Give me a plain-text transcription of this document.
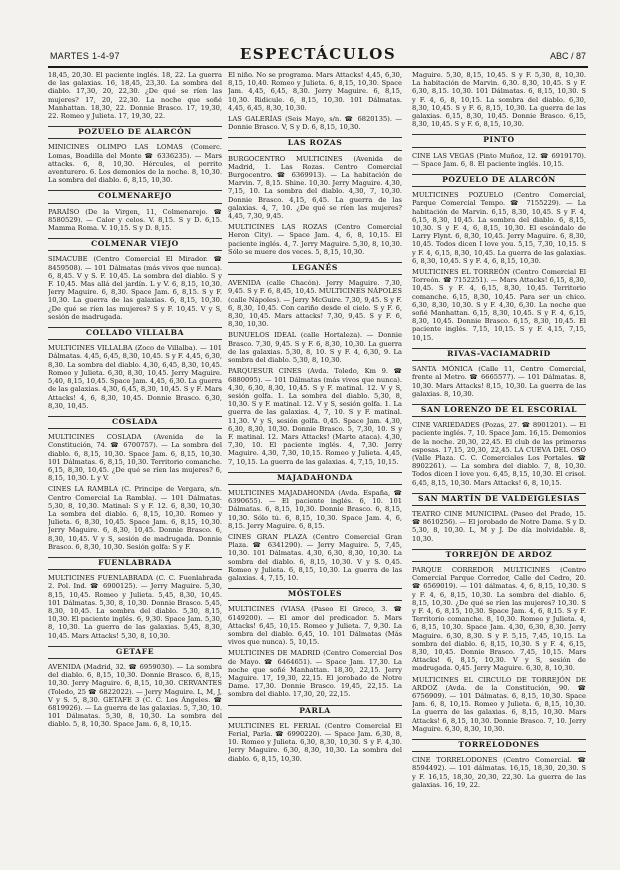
MARTES 1-4-97	ESPECTÁCULOS	ABC / 87
18,45, 20,30. El paciente inglés. 18, 22. La guerra de las galaxias. 16, 18,45, 23,30. La sombra del diablo. 17,30, 20, 22,30. ¿De qué se ríen las mujeres? 17, 20, 22,30. La noche que soñé Manhattan. 18,30, 22. Donnie Brasco. 17, 19,30, 22. Romeo y Julieta. 17, 19,30, 22.
POZUELO DE ALARCÓN
MINICINES OLIMPO LAS LOMAS (Comerc. Lomas, Boadilla del Monte ☎ 6336235). — Mars attacks. 6, 8, 10,30. Hércules, el perrito aventurero. 6. Los demonios de la noche. 8, 10,30. La sombra del diablo. 6, 8,15, 10,30.
COLMENAREJO
PARAÍSO (De la Virgen, 11, Colmenarejo. ☎ 8580529). — Calor y celos. V. 8,15. S y D. 6,15. Mamma Roma. V. 10,15. S y D. 8,15.
COLMENAR VIEJO
SIMACUBE (Centro Comercial El Mirador. ☎ 8459508). — 101 Dálmatas (más vivos que nunca). 6, 8,45. V y S. F. 10,45. La sombra del diablo. S y F. 10,45. Mas allá del jardín. L y V. 6, 8,15, 10,30. Jerry Maguire. 6, 8,30. Space Jam. 6, 8,15. S y F. 10,30. La guerra de las galaxias. 6, 8,15, 10,30. ¿De qué se ríen las mujeres? S y F. 10,45. V y S, sesión de madrugada.
COLLADO VILLALBA
MULTICINES VILLALBA (Zoco de Villalba). — 101 Dálmatas. 4,45, 6,45, 8,30, 10,45. S y F. 4,45, 6,30, 8,30. La sombra del diablo. 4,30, 6,45, 8,30, 10,45. Romeo y Julieta. 6,30, 8,30, 10,45. Jerry Maguire. 5,40, 8,15, 10,45. Space Jam. 4,45, 6,30. La guerra de las galaxias. 4,30, 6,45, 8,30, 10,45. S y F. Mars Attacks! 4, 6, 8,30, 10,45. Donnie Brasco. 6,30, 8,30, 10,45.
COSLADA
MULTICINES COSLADA (Avenida de la Constitución, 74. ☎ 6700757). — La sombra del diablo. 6, 8,15, 10,30. Space Jam. 6, 8,15, 10,30. 101 Dálmatas. 6, 8,15, 10,30. Territorio comanche. 6,15, 8,30, 10,45. ¿De qué se ríen las mujeres? 6, 8,15, 10,30. L y V.
CINES LA RAMBLA (C. Principe de Vergara, s/n. Centro Comercial La Rambla). — 101 Dálmatas. 5,30, 8, 10,30. Matinal: S y F. 12. 6, 8,30, 10,30. La sombra del diablo. 6, 8,15, 10,30. Romeo y Julieta. 6, 8,30, 10,45. Space Jam. 6, 8,15, 10,30. Jerry Maguire. 6, 8,30, 10,45. Donnie Brasco. 6, 8,30, 10,45. V y S, sesión de madrugada. Donnie Brasco. 6, 8,30, 10,30. Sesión golfa: S y F.
FUENLABRADA
MULTICINES FUENLABRADA (C. C. Fuenlabrada 2. Pol. Ind. ☎ 6900125). — Jerry Maguire. 5,30, 8,15, 10,45. Romeo y Julieta. 5,45, 8,30, 10,45. 101 Dálmatas. 5,30, 8, 10,30. Donnie Brasco. 5,45, 8,30, 10,45. La sombra del diablo. 5,30, 8,15, 10,30. El paciente inglés. 6, 9,30. Space Jam. 5,30, 8, 10,30. La guerra de las galaxias. 5,45, 8,30, 10,45. Mars Attacks! 5,30, 8, 10,30.
GETAFE
AVENIDA (Madrid, 32. ☎ 6959030). — La sombra del diablo. 6, 8,15, 10,30. Donnie Brasco. 6, 8,15, 10,30. Jerry Maguire. 6, 8,15, 10,30. CERVANTES (Toledo, 25 ☎ 6822022). — Jerry Maguire. L, M, J, V y S. 5, 8,30. GETAFE 3 (C. C. Los Ángeles. ☎ 6819926). — La guerra de las galaxias. 5, 7,30, 10. 101 Dálmatas. 5,30, 8, 10,30. La sombra del diablo. 5, 8, 10,30. Space Jam. 6, 8, 10,15.
El niño. No se programa. Mars Attacks! 4,45, 6,30, 8,15, 10,40. Romeo y Julieta. 6, 8,15, 10,30. Space Jam. 4,45, 6,45, 8,30. Jerry Maguire. 6, 8,15, 10,30. Ridicule. 6, 8,15, 10,30. 101 Dálmatas. 4,45, 6,45, 8,30, 10,30.
LAS GALERÍAS (Seis Mayo, s/n. ☎ 6820135). — Donnie Brasco. V, S y D. 6, 8,15, 10,30.
LAS ROZAS
BURGOCENTRO MULTICINES (Avenida de Madrid, 1. Las Rozas. Centro Comercial Burgocentro. ☎ 6369913). — La habitación de Marvin. 7, 8,15. Shine. 10,30. Jerry Maguire. 4,30, 7,15, 10. La sombra del diablo. 4,30, 7, 10,30. Donnie Brasco. 4,15, 6,45. La guerra de las galaxias. 4, 7, 10. ¿De qué se ríen las mujeres? 4,45, 7,30, 9,45.
MULTICINES LAS ROZAS (Centro Comercial Heron City). — Space Jam. 4, 6, 8, 10,15. El paciente inglés. 4, 7. Jerry Maguire. 5,30, 8, 10,30. Sólo se muere dos veces. 5, 8,15, 10,30.
LEGANÉS
AVENIDA (calle Chacón). Jerry Maguire. 7,30, 9,45. S y F. 6, 8,45, 10,45. MULTICINES NÁPOLES (calle Nápoles). — Jerry McGuire. 7,30, 9,45. S y F. 6, 8,30, 10,45. Con cariño desde el cielo. S y F. 6, 8,30, 10,45. Mars attacks! 7,30, 9,45. S y F. 6, 8,30, 10,30.
BUNUELOS IDEAL (calle Hortaleza). — Donnie Brasco. 7,30, 9,45. S y F. 6, 8,30, 10,30. La guerra de las galaxias. 5,30, 8, 10. S y F. 4, 6,30, 9. La sombra del diablo. 5,30, 8, 10,30.
PARQUESUR CINES (Avda. Toledo, Km 9. ☎ 6880095). — 101 Dálmatas (más vivos que nunca). 4,30, 6,30, 8,30, 10,45. S y F. matinal. 12. V y S, sesión golfa. 1. La sombra del diablo. 5,30, 8, 10,30. S y F. matinal. 12. V y S, sesión golfa. 1. La guerra de las galaxias. 4, 7, 10. S y F. matinal. 11,30. V y S, sesión golfa. 0,45. Space Jam. 4,30, 6,30, 8,30, 10,30. Donnie Brasco. 5, 7,30, 10. S y F. matinal. 12. Mars Attacks! (Marte ataca). 4,30, 7,30, 10. El paciente inglés. 4, 7,30. Jerry Maguire. 4,30, 7,30, 10,15. Romeo y Julieta. 4,45, 7, 10,15. La guerra de las galaxias. 4, 7,15, 10,15.
MAJADAHONDA
MULTICINES MAJADAHONDA (Avda. España, ☎ 6390655). — El paciente inglés. 6, 10. 101 Dálmatas. 6, 8,15, 10,30. Donnie Brasco. 6, 8,15, 10,30. Sólo tú. 6, 8,15, 10,30. Space Jam. 4, 6, 8,15. Jerry Maguire. 6, 8,15.
CINES GRAN PLAZA (Centro Comercial Gran Plaza. ☎ 6341290). — Jerry Maguire. 5, 7,45, 10,30. 101 Dálmatas. 4,30, 6,30, 8,30, 10,30. La sombra del diablo. 6, 8,15, 10,30. V y S. 0,45. Romeo y Julieta. 6, 8,15, 10,30. La guerra de las galaxias. 4, 7,15, 10.
MÓSTOLES
MULTICINES (VIASA (Paseo El Greco, 3. ☎ 6149200). — El amor del predicador. 5. Mars Attacks! 6,45, 10,15. Romeo y Julieta. 7, 9,30. La sombra del diablo. 6,45, 10. 101 Dálmatas (Más vivos que nunca). 5, 10,15.
MULTICINES DE MADRID (Centro Comercial Dos de Mayo. ☎ 6464651). — Space Jam. 17,30. La noche que soñé Manhattan. 18,30, 22,15. Jerry Maguire. 17, 19,30, 22,15. El jorobado de Notre Dame. 17,30. Donnie Brasco. 19,45, 22,15. La sombra del diablo. 17,30, 20, 22,15.
PARLA
MULTICINES EL FERIAL (Centro Comercial El Ferial, Parla. ☎ 6990220). — Space Jam. 6,30, 8, 10. Romeo y Julieta. 6,30, 8,30, 10,30. S y F. 4,30. Jerry Maguire. 6,30, 8,30, 10,30. La sombra del diablo. 6, 8,15, 10,30.
Maguire. 5,30, 8,15, 10,45. S y F. 5,30, 8, 10,30. La habitación de Marvin. 6,30. 8,30, 10,45. S y F. 6,30, 8,15. 10,30. 101 Dálmatas. 6, 8,15, 10,30. S y F. 4, 6, 8, 10,15. La sombra del diablo. 6,30, 8,30, 10,45. S y F. 6, 8,15, 10,30. La guerra de las galaxias. 6,15, 8,30, 10,45. Donnie Brasco. 6,15, 8,30, 10,45. S y F. 6, 8,15, 10,30.
PINTO
CINE LAS VEGAS (Pinto Muñoz, 12. ☎ 6919170). — Space Jam. 6, 8. El paciente inglés. 10,15.
POZUELO DE ALARCÓN
MULTICINES POZUELO (Centro Comercial, Parque Comercial Tempo. ☎ 7155229). — La habitación de Marvin. 6,15, 8,30, 10,45. S y F. 4, 6,15, 8,30, 10,45. La sombra del diablo. 6, 8,15, 10,30. S y F. 4, 6, 8,15, 10,30. El escándalo de Larry Flynt. 6, 8,30, 10,45. Jerry Maguire. 6, 8,30, 10,45. Todos dicen I love you. 5,15, 7,30, 10,15. S y F. 4, 6,15, 8,30, 10,45. La guerra de las galaxias. 6, 8,30, 10,45. S y F. 4, 6, 8,15, 10,30.
MULTICINES EL TORREÓN (Centro Comercial El Torreón. ☎ 7152251). — Mars Attacks! 6,15, 8,30, 10,45. S y F. 4, 6,15, 8,30, 10,45. Territorio comanche. 6,15, 8,30, 10,45. Para ser un chico. 6,30, 8,30, 10,30. S y F. 4,30, 6,30. La noche que soñé Manhattan. 6,15, 8,30, 10,45. S y F. 4, 6,15, 8,30, 10,45. Donnie Brasco. 6,15, 8,30, 10,45. El paciente inglés. 7,15, 10,15. S y F. 4,15, 7,15, 10,15.
RIVAS-VACIAMADRID
SANTA MÓNICA (Calle 11, Centro Comercial, frente al Metro. ☎ 6665577). — 101 Dálmatas. 8, 10,30. Mars Attacks! 8,15, 10,30. La guerra de las galaxias. 8, 10,30.
SAN LORENZO DE EL ESCORIAL
CINE VARIEDADES (Pozas, 27. ☎ 8901201). — El paciente inglés. 7, 10. Space Jam. 16,15. Demonios de la noche. 20,30, 22,45. El club de las primeras esposas. 17,15, 20,30, 22,45. LA CUEVA DEL OSO (Valle Plaza. C. C. Comerciales Los Portales. ☎ 8902261). — La sombra del diablo. 7, 8, 10,30. Todos dicen I love you. 6,45, 8,15, 10,30. El crisol. 6,45, 8,15, 10,30. Mars Attacks! 6, 8, 10,15.
SAN MARTÍN DE VALDEIGLESIAS
TEATRO CINE MUNICIPAL (Paseo del Prado, 15. ☎ 8610256). — El jorobado de Notre Dame. S y D. 5,30, 8, 10,30. L, M y J. De día inolvidable. 8, 10,30.
TORREJÓN DE ARDOZ
PARQUE CORREDOR MULTICINES (Centro Comercial Parque Corredor, Calle del Cedro, 20. ☎ 6569019). — 101 dálmatas. 4, 6, 8,15, 10,30. S y F. 4, 6, 8,15, 10,30. La sombra del diablo. 6, 8,15, 10,30. ¿De qué se ríen las mujeres? 10,30. S y F. 4, 6, 8,15, 10,30. Space Jam. 4, 6, 8,15. S y F. Territorio comanche. 8, 10,30. Romeo y Julieta. 4, 6, 8,15, 10,30. Space Jam. 4,30, 6,30, 8,30. Jerry Maguire. 6,30, 8,30. S y F. 5,15, 7,45, 10,15. La sombra del diablo. 6, 8,15, 10,30. S y F. 4, 6,15, 8,30, 10,45. Donnie Brasco. 7,45, 10,15. Mars Attacks! 6, 8,15, 10,30. V y S, sesión de madrugada. 0,45. Jerry Maguire. 6,30, 8, 10,30.
MULTICINES EL CIRCULO DE TORREJÓN DE ARDOZ (Avda. de la Constitución, 90. ☎ 6756909). — 101 Dálmatas. 6, 8,15, 10,30. Space Jam. 6, 8, 10,15. Romeo y Julieta. 6, 8,15, 10,30. La guerra de las galaxias. 6, 8,15, 10,30. Mars Attacks! 6, 8,15, 10,30. Donnie Brasco. 7, 10. Jerry Maguire. 6,30, 8,30, 10,30.
TORRELODONES
CINE TORRELODONES (Centro Comercial. ☎ 8594492). — 101 dálmatas. 16,15, 18,30, 20,30. S y F. 16,15, 18,30, 20,30, 22,30. La guerra de las galaxias. 16, 19, 22.
